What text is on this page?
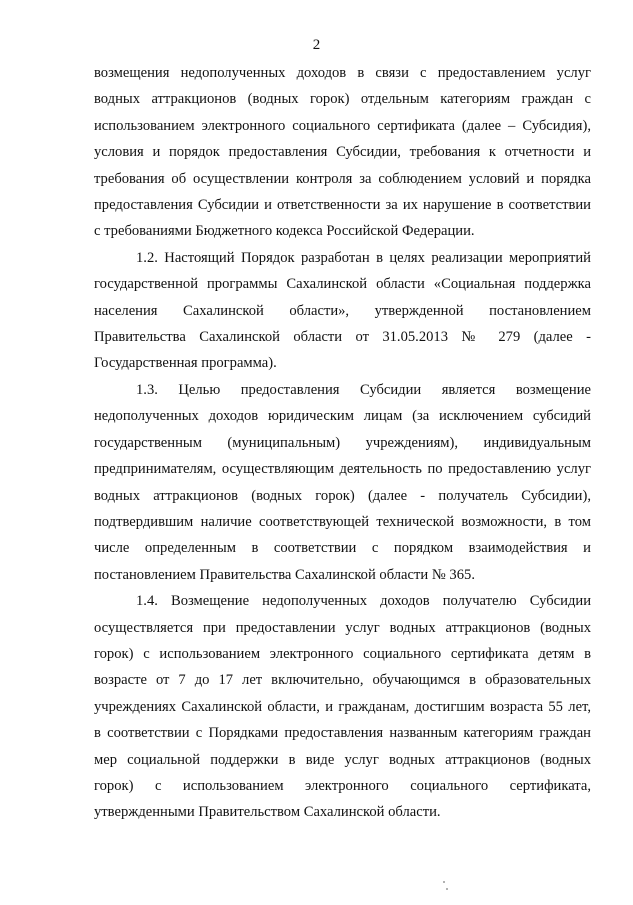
2

возмещения недополученных доходов в связи с предоставлением услуг
водных аттракционов (водных горок) отдельным категориям граждан с
использованием электронного социального сертификата (далее – Субсидия),
условия и порядок предоставления Субсидии, требования к отчетности и
требования об осуществлении контроля за соблюдением условий и порядка
предоставления Субсидии и ответственности за их нарушение в соответствии
с требованиями Бюджетного кодекса Российской Федерации.

1.2. Настоящий Порядок разработан в целях реализации мероприятий
государственной программы Сахалинской области «Социальная поддержка
населения Сахалинской области», утвержденной постановлением
Правительства Сахалинской области от 31.05.2013 № 279 (далее -
Государственная программа).

1.3. Целью предоставления Субсидии является возмещение
недополученных доходов юридическим лицам (за исключением субсидий
государственным (муниципальным) учреждениям), индивидуальным
предпринимателям, осуществляющим деятельность по предоставлению услуг
водных аттракционов (водных горок) (далее - получатель Субсидии),
подтвердившим наличие соответствующей технической возможности, в том
числе определенным в соответствии с порядком взаимодействия и
постановлением Правительства Сахалинской области № 365.

1.4. Возмещение недополученных доходов получателю Субсидии
осуществляется при предоставлении услуг водных аттракционов (водных
горок) с использованием электронного социального сертификата детям в
возрасте от 7 до 17 лет включительно, обучающимся в образовательных
учреждениях Сахалинской области, и гражданам, достигшим возраста 55 лет,
в соответствии с Порядками предоставления названным категориям граждан
мер социальной поддержки в виде услуг водных аттракционов (водных
горок) с использованием электронного социального сертификата,
утвержденными Правительством Сахалинской области.
